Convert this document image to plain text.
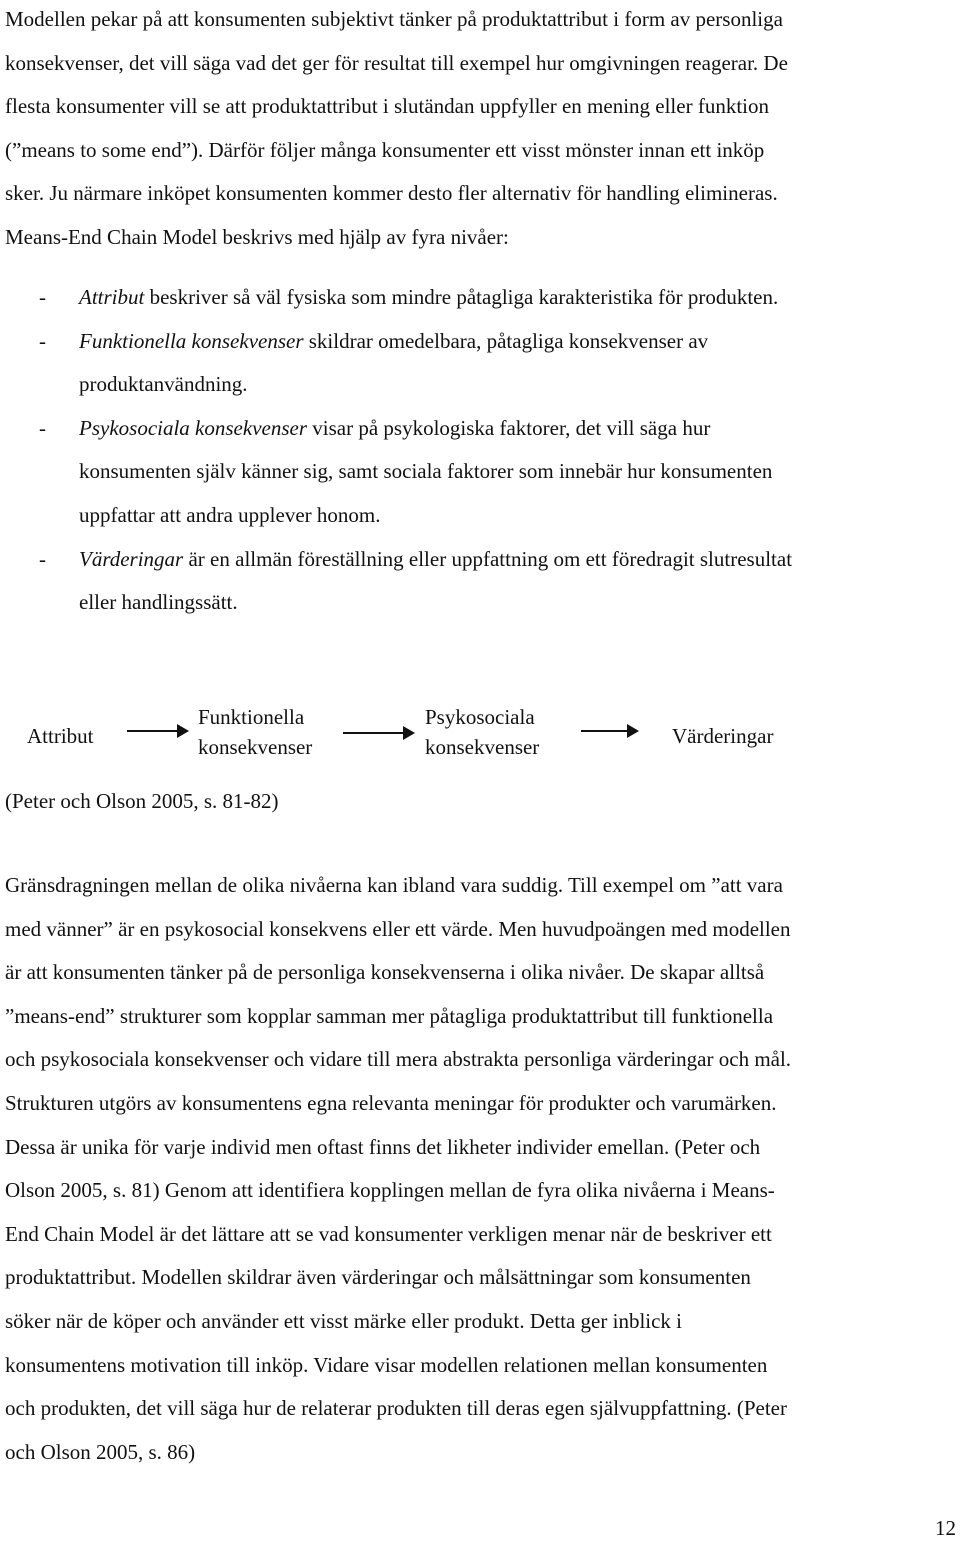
Modellen pekar på att konsumenten subjektivt tänker på produktattribut i form av personliga

konsekvenser, det vill säga vad det ger för resultat till exempel hur omgivningen reagerar. De

flesta konsumenter vill se att produktattribut i slutändan uppfyller en mening eller funktion

(”means to some end”). Därför följer många konsumenter ett visst mönster innan ett inköp

sker. Ju närmare inköpet konsumenten kommer desto fler alternativ för handling elimineras.

Means-End Chain Model beskrivs med hjälp av fyra nivåer:

- Attribut beskriver så väl fysiska som mindre påtagliga karakteristika för produkten.

- Funktionella konsekvenser skildrar omedelbara, påtagliga konsekvenser av
produktanvändning.

- Psykosociala konsekvenser visar på psykologiska faktorer, det vill säga hur
konsumenten själv känner sig, samt sociala faktorer som innebär hur konsumenten
uppfattar att andra upplever honom.

- Värderingar är en allmän föreställning eller uppfattning om ett föredragit slutresultat
eller handlingssätt.

Attribut
Funktionella
konsekvenser
Psykosociala
konsekvenser	Värderingar

(Peter och Olson 2005, s. 81-82)

Gränsdragningen mellan de olika nivåerna kan ibland vara suddig. Till exempel om ”att vara

med vänner” är en psykosocial konsekvens eller ett värde. Men huvudpoängen med modellen

är att konsumenten tänker på de personliga konsekvenserna i olika nivåer. De skapar alltså

”means-end” strukturer som kopplar samman mer påtagliga produktattribut till funktionella

och psykosociala konsekvenser och vidare till mera abstrakta personliga värderingar och mål.

Strukturen utgörs av konsumentens egna relevanta meningar för produkter och varumärken.

Dessa är unika för varje individ men oftast finns det likheter individer emellan. (Peter och

Olson 2005, s. 81) Genom att identifiera kopplingen mellan de fyra olika nivåerna i Means-

End Chain Model är det lättare att se vad konsumenter verkligen menar när de beskriver ett

produktattribut. Modellen skildrar även värderingar och målsättningar som konsumenten

söker när de köper och använder ett visst märke eller produkt. Detta ger inblick i

konsumentens motivation till inköp. Vidare visar modellen relationen mellan konsumenten

och produkten, det vill säga hur de relaterar produkten till deras egen självuppfattning. (Peter

och Olson 2005, s. 86)

12
